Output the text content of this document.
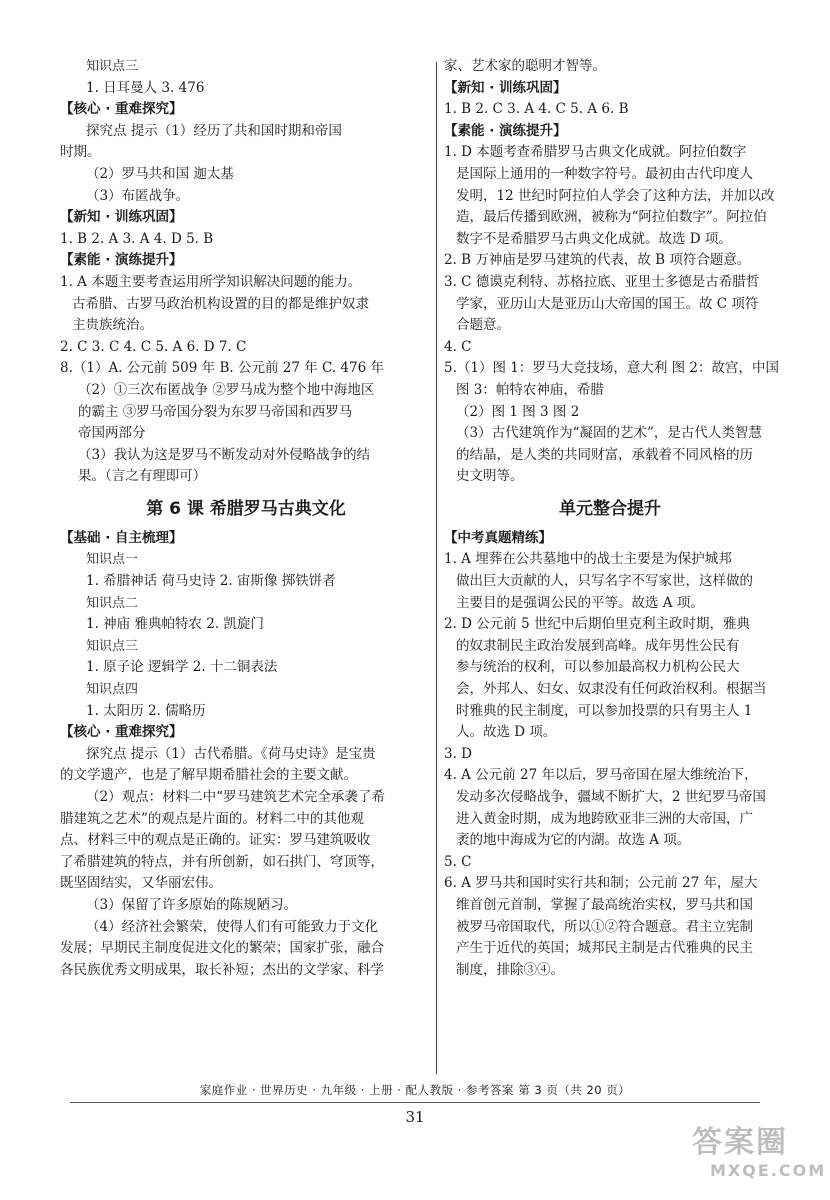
知识点三
1. 日耳曼人 3. 476
【核心 · 重难探究】
探究点 提示（1）经历了共和国时期和帝国
时期。
（2）罗马共和国 迦太基
（3）布匿战争。
【新知 · 训练巩固】
1. B 2. A 3. A 4. D 5. B
【素能 · 演练提升】
1. A 本题主要考查运用所学知识解决问题的能力。
古希腊、古罗马政治机构设置的目的都是维护奴隶
主贵族统治。
2. C 3. C 4. C 5. A 6. D 7. C
8.（1）A. 公元前 509 年 B. 公元前 27 年 C. 476 年
（2）①三次布匿战争 ②罗马成为整个地中海地区
的霸主 ③罗马帝国分裂为东罗马帝国和西罗马
帝国两部分
（3）我认为这是罗马不断发动对外侵略战争的结
果。（言之有理即可）
第 6 课 希腊罗马古典文化
【基础 · 自主梳理】
知识点一
1. 希腊神话 荷马史诗 2. 宙斯像 掷铁饼者
知识点二
1. 神庙 雅典帕特农 2. 凯旋门
知识点三
1. 原子论 逻辑学 2. 十二铜表法
知识点四
1. 太阳历 2. 儒略历
【核心 · 重难探究】
探究点 提示（1）古代希腊。《荷马史诗》是宝贵
的文学遗产，也是了解早期希腊社会的主要文献。
（2）观点：材料二中“罗马建筑艺术完全承袭了希
腊建筑之艺术”的观点是片面的。材料二中的其他观
点、材料三中的观点是正确的。证实：罗马建筑吸收
了希腊建筑的特点，并有所创新，如石拱门、穹顶等，
既坚固结实，又华丽宏伟。
（3）保留了许多原始的陈规陋习。
（4）经济社会繁荣，使得人们有可能致力于文化
发展；早期民主制度促进文化的繁荣；国家扩张，融合
各民族优秀文明成果，取长补短；杰出的文学家、科学
家、艺术家的聪明才智等。
【新知 · 训练巩固】
1. B 2. C 3. A 4. C 5. A 6. B
【素能 · 演练提升】
1. D 本题考查希腊罗马古典文化成就。阿拉伯数字
是国际上通用的一种数字符号。最初由古代印度人
发明，12 世纪时阿拉伯人学会了这种方法，并加以改
造，最后传播到欧洲，被称为“阿拉伯数字”。阿拉伯
数字不是希腊罗马古典文化成就。故选 D 项。
2. B 万神庙是罗马建筑的代表，故 B 项符合题意。
3. C 德谟克利特、苏格拉底、亚里士多德是古希腊哲
学家，亚历山大是亚历山大帝国的国王。故 C 项符
合题意。
4. C
5.（1）图 1：罗马大竞技场，意大利 图 2：故宫，中国
图 3：帕特农神庙，希腊
（2）图 1 图 3 图 2
（3）古代建筑作为“凝固的艺术”，是古代人类智慧
的结晶，是人类的共同财富，承载着不同风格的历
史文明等。
单元整合提升
【中考真题精练】
1. A 埋葬在公共墓地中的战士主要是为保护城邦
做出巨大贡献的人，只写名字不写家世，这样做的
主要目的是强调公民的平等。故选 A 项。
2. D 公元前 5 世纪中后期伯里克利主政时期，雅典
的奴隶制民主政治发展到高峰。成年男性公民有
参与统治的权利，可以参加最高权力机构公民大
会，外邦人、妇女、奴隶没有任何政治权利。根据当
时雅典的民主制度，可以参加投票的只有男主人 1
人。故选 D 项。
3. D
4. A 公元前 27 年以后，罗马帝国在屋大维统治下，
发动多次侵略战争，疆域不断扩大，2 世纪罗马帝国
进入黄金时期，成为地跨欧亚非三洲的大帝国，广
袤的地中海成为它的内湖。故选 A 项。
5. C
6. A 罗马共和国时实行共和制；公元前 27 年，屋大
维首创元首制，掌握了最高统治实权，罗马共和国
被罗马帝国取代，所以①②符合题意。君主立宪制
产生于近代的英国；城邦民主制是古代雅典的民主
制度，排除③④。
家庭作业 · 世界历史 · 九年级 · 上册 · 配人教版 · 参考答案 第 3 页（共 20 页）
31
答案圈
MXQE.COM
